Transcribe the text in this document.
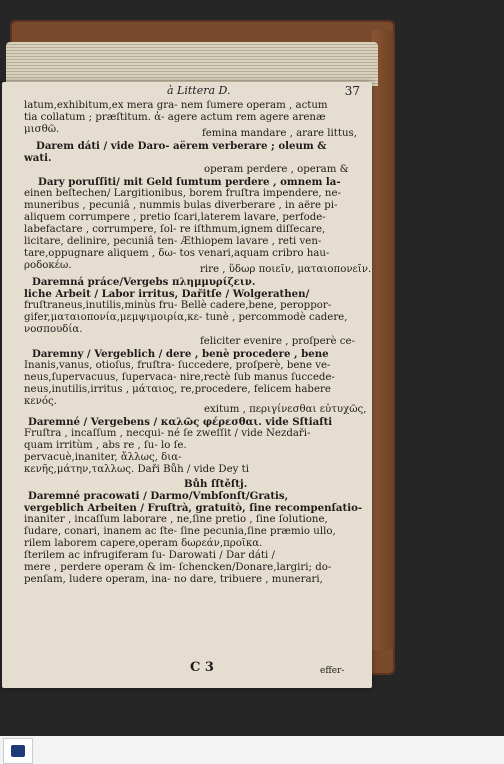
à Littera D.	37
latum,exhibitum,ex mera gra- nem ſumere operam , actum
tia collatum ; præſtitum. ἀ- agere actum rem agere arenæ
μισθῶ.	femina mandare , arare littus,
Darem dáti / vide Daro- aërem verberare ; oleum &
wati.
operam perdere , operam &
Dary poruſſiti/ mit Geld ſumtum perdere , omnem la-
einen beſtechen/ Largitionibus, borem fruſtra impendere, ne-
muneribus , pecuniâ , nummis bulas diverberare , in aëre pi-
aliquem corrumpere , pretio ſcari,laterem lavare, perfode-
labefactare , corrumpere, ſol- re iſthmum,ignem diſſecare,
licitare, delinire, pecuniâ ten- Æthiopem lavare , reti ven-
tare,oppugnare aliquem , δω- tos venari,aquam cribro hau-
ροδοκέω.	rire , ὕδωρ ποιεῖν, ματαιοπονεῖν.
Daremná práce/Vergebs πλημμυρίζειν.
liche Arbeit / Labor irritus, Dařitſe / Wolgerathen/
fruſtraneus,inutilis,minùs fru- Bellè cadere,bene, peroppor-
gifer,ματαιοπονία,μεμψιμοιρία,κε- tunè , percommodè cadere,
νοσπουδία.
feliciter evenire , proſperè ce-
Daremny / Vergeblich / dere , benè procedere , bene
Inanis,vanus, otioſus, fruſtra- ſuccedere, proſperè, bene ve-
neus,ſupervacuus, ſupervaca- nire,rectè ſub manus ſuccede-
neus,inutilis,irritus , μάταιος, re,procedere, felicem habere
κενός.
exitum , περιγίνεσθαι εὐτυχῶς,
Daremné / Vergebens / καλῶς φέρεσθαι. vide Sſtiaſti
Fruſtra , incaſſum , necqui- né ſe zweſſit / vide Nezdaři-
quam irritùm , abs re , ſu- lo ſe.
pervacuè,inaniter, ἄλλως, δια-
κενῆς,μάτην,ταλλως. Daři Bůh / vide Dey ti
Bůh ſſtěſtj.
Daremné pracowati / Darmo/Vmbſonſt/Gratis,
vergeblich Arbeiten / Fruſtrà, gratuitò, ſine recompenſatio-
inaniter , incaſſum laborare , ne,ſine pretio , ſine ſolutione,
ſudare, conari, inanem ac ſte- ſine pecunia,ſine præmio ullo,
rilem laborem capere,operam δωρεάν,προῖκα.
ſterilem ac infrugiferam ſu- Darowati / Dar dáti /
mere , perdere operam & im- ſchencken/Donare,largiri; do-
penſam, ludere operam, ina- no dare, tribuere , munerari,
C 3	effer-
